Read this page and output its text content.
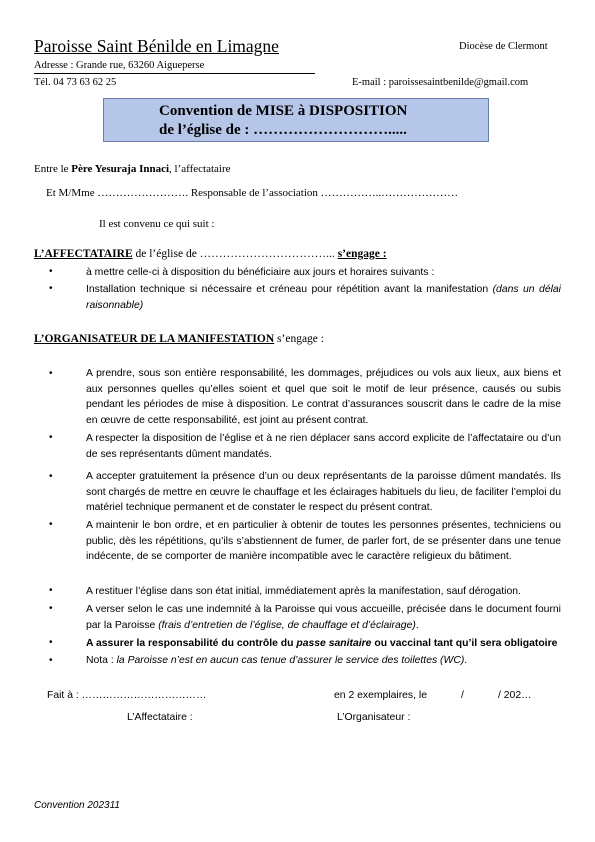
Paroisse Saint Bénilde en Limagne	Diocèse de Clermont
Adresse : Grande rue, 63260 Aigueperse
Tél. 04 73 63 62 25	E-mail : paroissesaintbenilde@gmail.com
Convention de MISE à DISPOSITION
de l’église de : ……………………….....
Entre le Père Yesuraja Innaci, l’affectataire
Et M/Mme ……………………. Responsable de l’association ……………..…………………
Il est convenu ce qui suit :
L’AFFECTATAIRE de l’église de ……………………………... s’engage :
•	à mettre celle-ci à disposition du bénéficiaire aux jours et horaires suivants :
•	Installation technique si nécessaire et créneau pour répétition avant la manifestation (dans un délai raisonnable)
L’ORGANISATEUR DE LA MANIFESTATION s’engage :
•	A prendre, sous son entière responsabilité, les dommages, préjudices ou vols aux lieux, aux biens et aux personnes quelles qu’elles soient et quel que soit le motif de leur présence, causés ou subis pendant les périodes de mise à disposition. Le contrat d’assurances souscrit dans le cadre de la mise en œuvre de cette responsabilité, est joint au présent contrat.
•	A respecter la disposition de l’église et à ne rien déplacer sans accord explicite de l’affectataire ou d’un de ses représentants dûment mandatés.
•	A accepter gratuitement la présence d’un ou deux représentants de la paroisse dûment mandatés. Ils sont chargés de mettre en œuvre le chauffage et les éclairages habituels du lieu, de faciliter l’emploi du matériel technique permanent et de constater le respect du présent contrat.
•	A maintenir le bon ordre, et en particulier à obtenir de toutes les personnes présentes, techniciens ou public, dès les répétitions, qu’ils s’abstiennent de fumer, de parler fort, de se présenter dans une tenue indécente, de se comporter de manière incompatible avec le caractère religieux du bâtiment.
•	A restituer l’église dans son état initial, immédiatement après la manifestation, sauf dérogation.
•	A verser selon le cas une indemnité à la Paroisse qui vous accueille, précisée dans le document fourni par la Paroisse (frais d’entretien de l’église, de chauffage et d’éclairage).
•	A assurer la responsabilité du contrôle du passe sanitaire ou vaccinal tant qu’il sera obligatoire
•	Nota : la Paroisse n’est en aucun cas tenue d’assurer le service des toilettes (WC).
Fait à : ………………………………	en 2 exemplaires, le	/	/ 202…
L’Affectataire :	L’Organisateur :
Convention 202311
